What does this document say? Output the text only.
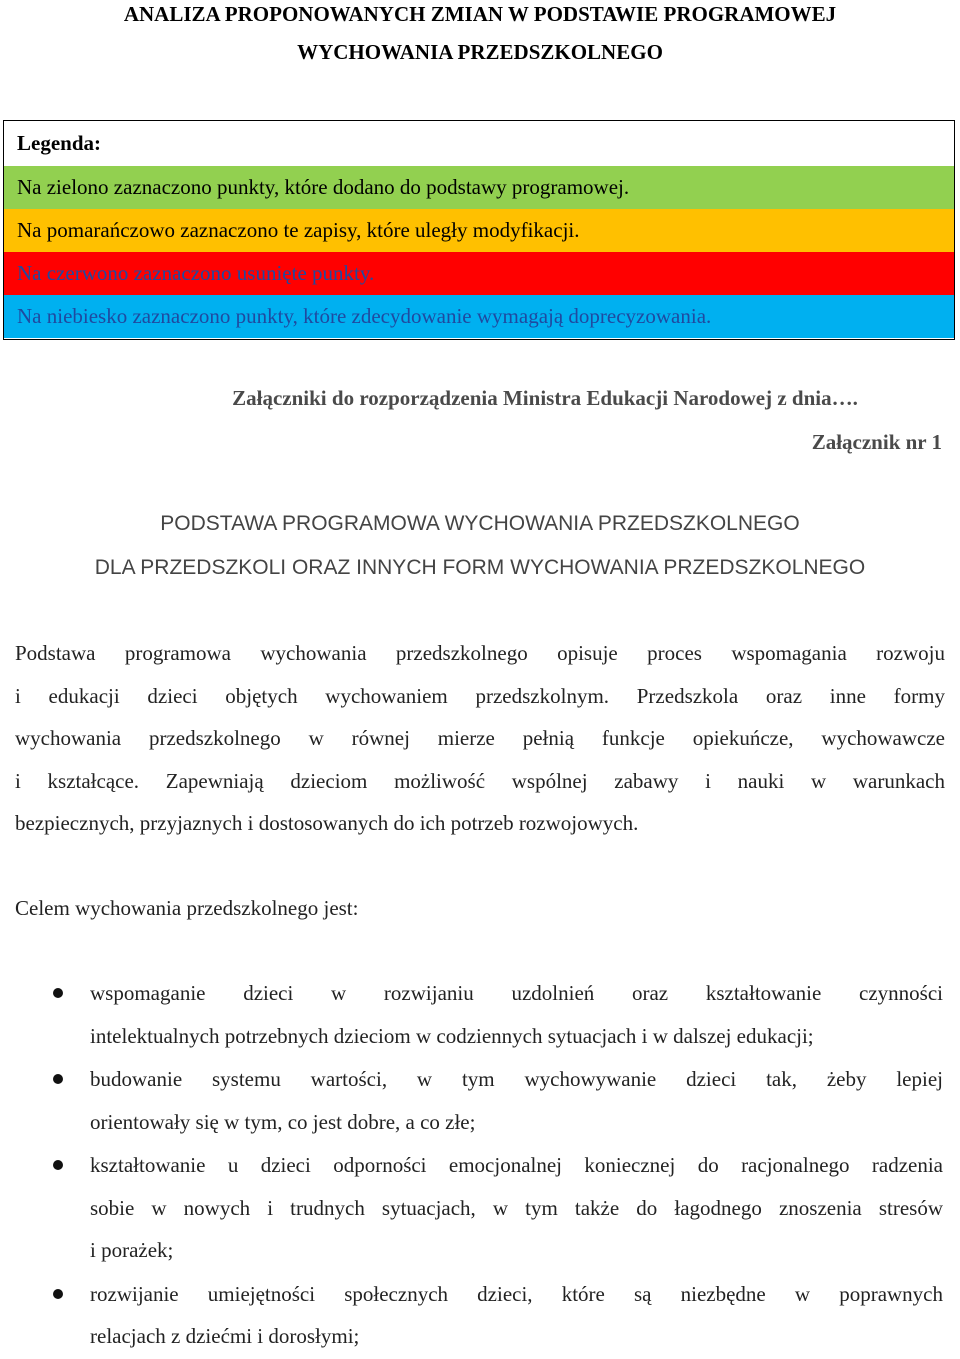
ANALIZA PROPONOWANYCH ZMIAN W PODSTAWIE PROGRAMOWEJ
WYCHOWANIA PRZEDSZKOLNEGO
Legenda:
Na zielono zaznaczono punkty, które dodano do podstawy programowej.
Na pomarańczowo zaznaczono te zapisy, które uległy modyfikacji.
Na czerwono zaznaczono usunięte punkty.
Na niebiesko zaznaczono punkty, które zdecydowanie wymagają doprecyzowania.
Załączniki do rozporządzenia Ministra Edukacji Narodowej z dnia….
Załącznik nr 1
PODSTAWA PROGRAMOWA WYCHOWANIA PRZEDSZKOLNEGO
DLA PRZEDSZKOLI ORAZ INNYCH FORM WYCHOWANIA PRZEDSZKOLNEGO
Podstawa programowa wychowania przedszkolnego opisuje proces wspomagania rozwoju
i edukacji dzieci objętych wychowaniem przedszkolnym. Przedszkola oraz inne formy
wychowania przedszkolnego w równej mierze pełnią funkcje opiekuńcze, wychowawcze
i kształcące. Zapewniają dzieciom możliwość wspólnej zabawy i nauki w warunkach
bezpiecznych, przyjaznych i dostosowanych do ich potrzeb rozwojowych.
Celem wychowania przedszkolnego jest:
wspomaganie dzieci w rozwijaniu uzdolnień oraz kształtowanie czynności
intelektualnych potrzebnych dzieciom w codziennych sytuacjach i w dalszej edukacji;
budowanie systemu wartości, w tym wychowywanie dzieci tak, żeby lepiej
orientowały się w tym, co jest dobre, a co złe;
kształtowanie u dzieci odporności emocjonalnej koniecznej do racjonalnego radzenia
sobie w nowych i trudnych sytuacjach, w tym także do łagodnego znoszenia stresów
i porażek;
rozwijanie umiejętności społecznych dzieci, które są niezbędne w poprawnych
relacjach z dziećmi i dorosłymi;
